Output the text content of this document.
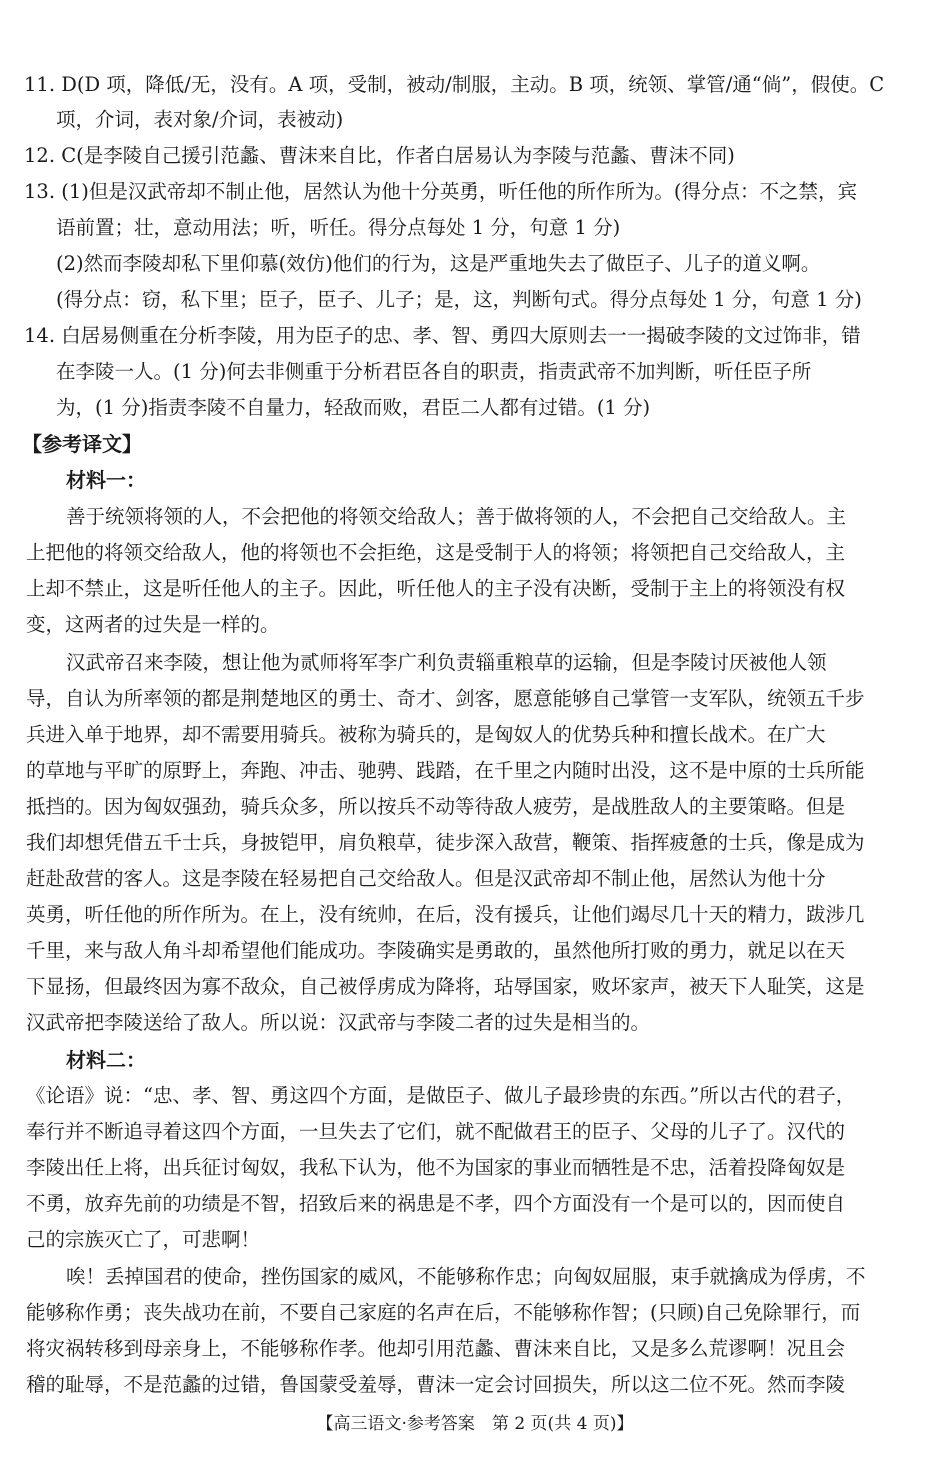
11. D(D 项，降低/无，没有。A 项，受制，被动/制服，主动。B 项，统领、掌管/通“倘”，假使。C
项，介词，表对象/介词，表被动)
12. C(是李陵自己援引范蠡、曹沫来自比，作者白居易认为李陵与范蠡、曹沫不同)
13. (1)但是汉武帝却不制止他，居然认为他十分英勇，听任他的所作所为。(得分点：不之禁，宾
语前置；壮，意动用法；听，听任。得分点每处 1 分，句意 1 分)
(2)然而李陵却私下里仰慕(效仿)他们的行为，这是严重地失去了做臣子、儿子的道义啊。
(得分点：窃，私下里；臣子，臣子、儿子；是，这，判断句式。得分点每处 1 分，句意 1 分)
14. 白居易侧重在分析李陵，用为臣子的忠、孝、智、勇四大原则去一一揭破李陵的文过饰非，错
在李陵一人。(1 分)何去非侧重于分析君臣各自的职责，指责武帝不加判断，听任臣子所
为，(1 分)指责李陵不自量力，轻敌而败，君臣二人都有过错。(1 分)
【参考译文】
材料一：
善于统领将领的人，不会把他的将领交给敌人；善于做将领的人，不会把自己交给敌人。主
上把他的将领交给敌人，他的将领也不会拒绝，这是受制于人的将领；将领把自己交给敌人，主
上却不禁止，这是听任他人的主子。因此，听任他人的主子没有决断，受制于主上的将领没有权
变，这两者的过失是一样的。
汉武帝召来李陵，想让他为贰师将军李广利负责辎重粮草的运输，但是李陵讨厌被他人领
导，自认为所率领的都是荆楚地区的勇士、奇才、剑客，愿意能够自己掌管一支军队，统领五千步
兵进入单于地界，却不需要用骑兵。被称为骑兵的，是匈奴人的优势兵种和擅长战术。在广大
的草地与平旷的原野上，奔跑、冲击、驰骋、践踏，在千里之内随时出没，这不是中原的士兵所能
抵挡的。因为匈奴强劲，骑兵众多，所以按兵不动等待敌人疲劳，是战胜敌人的主要策略。但是
我们却想凭借五千士兵，身披铠甲，肩负粮草，徒步深入敌营，鞭策、指挥疲惫的士兵，像是成为
赶赴敌营的客人。这是李陵在轻易把自己交给敌人。但是汉武帝却不制止他，居然认为他十分
英勇，听任他的所作所为。在上，没有统帅，在后，没有援兵，让他们竭尽几十天的精力，跋涉几
千里，来与敌人角斗却希望他们能成功。李陵确实是勇敢的，虽然他所打败的勇力，就足以在天
下显扬，但最终因为寡不敌众，自己被俘虏成为降将，玷辱国家，败坏家声，被天下人耻笑，这是
汉武帝把李陵送给了敌人。所以说：汉武帝与李陵二者的过失是相当的。
材料二：
《论语》说：“忠、孝、智、勇这四个方面，是做臣子、做儿子最珍贵的东西。”所以古代的君子，
奉行并不断追寻着这四个方面，一旦失去了它们，就不配做君王的臣子、父母的儿子了。汉代的
李陵出任上将，出兵征讨匈奴，我私下认为，他不为国家的事业而牺牲是不忠，活着投降匈奴是
不勇，放弃先前的功绩是不智，招致后来的祸患是不孝，四个方面没有一个是可以的，因而使自
己的宗族灭亡了，可悲啊！
唉！丢掉国君的使命，挫伤国家的威风，不能够称作忠；向匈奴屈服，束手就擒成为俘虏，不
能够称作勇；丧失战功在前，不要自己家庭的名声在后，不能够称作智；(只顾)自己免除罪行，而
将灾祸转移到母亲身上，不能够称作孝。他却引用范蠡、曹沫来自比，又是多么荒谬啊！况且会
稽的耻辱，不是范蠡的过错，鲁国蒙受羞辱，曹沫一定会讨回损失，所以这二位不死。然而李陵
【高三语文·参考答案　第 2 页(共 4 页)】
